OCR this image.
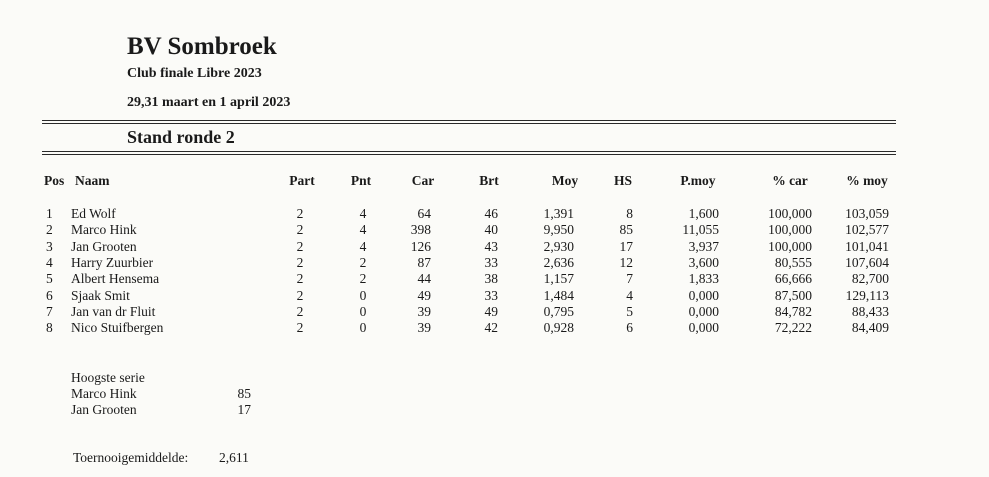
BV Sombroek
Club finale Libre 2023
29,31 maart en 1 april 2023
Stand ronde 2
Pos Naam	Part	Pnt	Car	Brt	Moy	HS	P.moy	% car	% moy
1 Ed Wolf	2	4	64	46	1,391	8	1,600	100,000 103,059
2 Marco Hink	2	4	398	40	9,950	85	11,055	100,000 102,577
3 Jan Grooten	2	4	126	43	2,930	17	3,937	100,000 101,041
4 Harry Zuurbier	2	2	87	33	2,636	12	3,600	80,555 107,604
5 Albert Hensema	2	2	44	38	1,157	7	1,833	66,666	82,700
6 Sjaak Smit	2	0	49	33	1,484	4	0,000	87,500 129,113
7 Jan van dr Fluit	2	0	39	49	0,795	5	0,000	84,782	88,433
8 Nico Stuifbergen	2	0	39	42	0,928	6	0,000	72,222	84,409
Hoogste serie
Marco Hink	85
Jan Grooten	17
Toernooigemiddelde: 2,611
